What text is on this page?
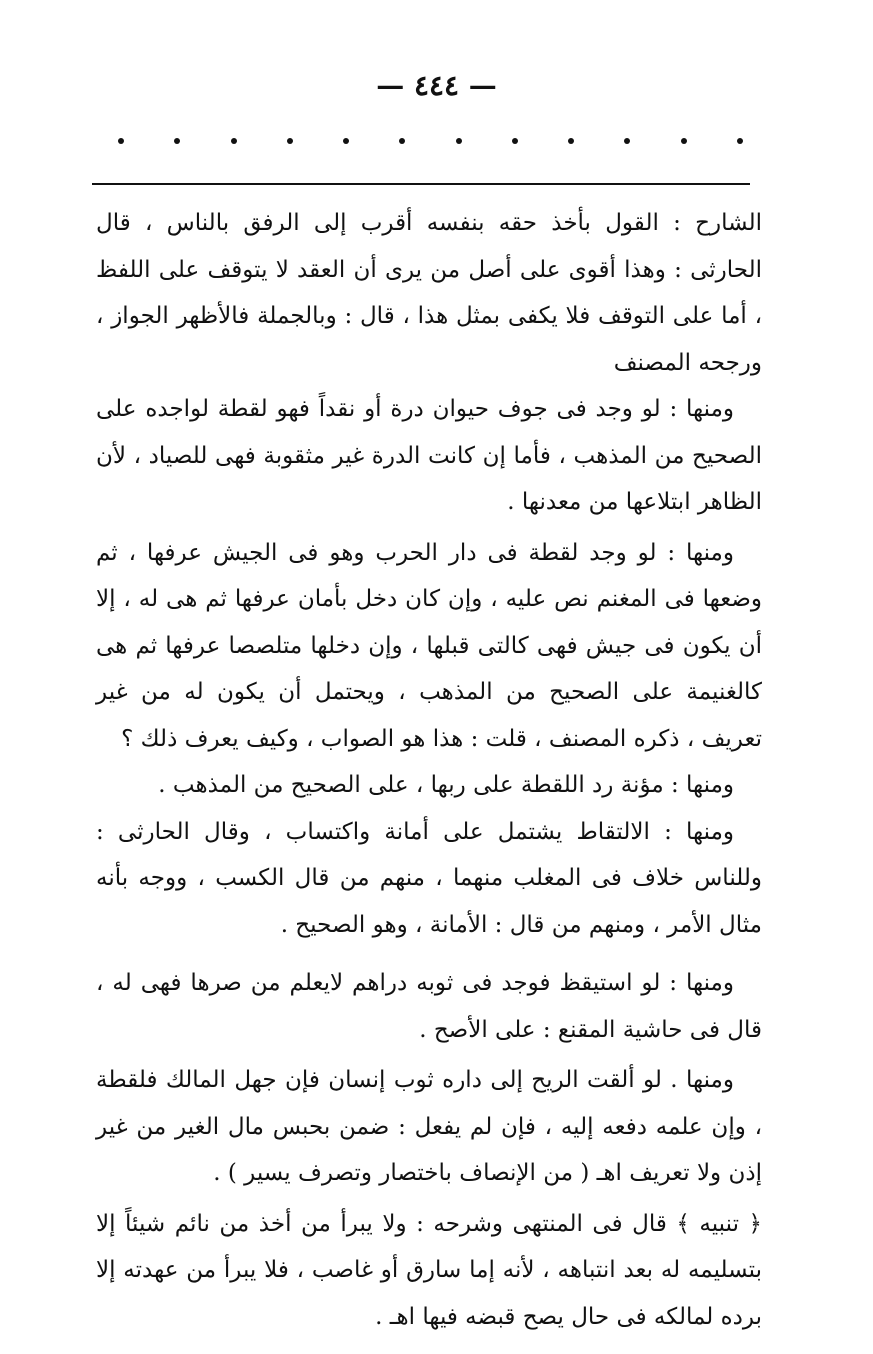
— ٤٤٤ —

الشارح : القول بأخذ حقه بنفسه أقرب إلى الرفق بالناس ، قال الحارثى : وهذا أقوى على أصل من يرى أن العقد لا يتوقف على اللفظ ، أما على التوقف فلا يكفى بمثل هذا ، قال : وبالجملة فالأظهر الجواز ، ورجحه المصنف

ومنها : لو وجد فى جوف حيوان درة أو نقداً فهو لقطة لواجده على الصحيح من المذهب ، فأما إن كانت الدرة غير مثقوبة فهى للصياد ، لأن الظاهر ابتلاعها من معدنها .

ومنها : لو وجد لقطة فى دار الحرب وهو فى الجيش عرفها ، ثم وضعها فى المغنم نص عليه ، وإن كان دخل بأمان عرفها ثم هى له ، إلا أن يكون فى جيش فهى كالتى قبلها ، وإن دخلها متلصصا عرفها ثم هى كالغنيمة على الصحيح من المذهب ، ويحتمل أن يكون له من غير تعريف ، ذكره المصنف ، قلت : هذا هو الصواب ، وكيف يعرف ذلك ؟

ومنها : مؤنة رد اللقطة على ربها ، على الصحيح من المذهب .

ومنها : الالتقاط يشتمل على أمانة واكتساب ، وقال الحارثى : وللناس خلاف فى المغلب منهما ، منهم من قال الكسب ، ووجه بأنه مثال الأمر ، ومنهم من قال : الأمانة ، وهو الصحيح .

ومنها : لو استيقظ فوجد فى ثوبه دراهم لايعلم من صرها فهى له ، قال فى حاشية المقنع : على الأصح .

ومنها . لو ألقت الريح إلى داره ثوب إنسان فإن جهل المالك فلقطة ، وإن علمه دفعه إليه ، فإن لم يفعل : ضمن بحبس مال الغير من غير إذن ولا تعريف اهـ ( من الإنصاف باختصار وتصرف يسير ) .

﴿ تنبيه ﴾ قال فى المنتهى وشرحه : ولا يبرأ من أخذ من نائم شيئاً إلا بتسليمه له بعد انتباهه ، لأنه إما سارق أو غاصب ، فلا يبرأ من عهدته إلا برده لمالكه فى حال يصح قبضه فيها اهـ .
